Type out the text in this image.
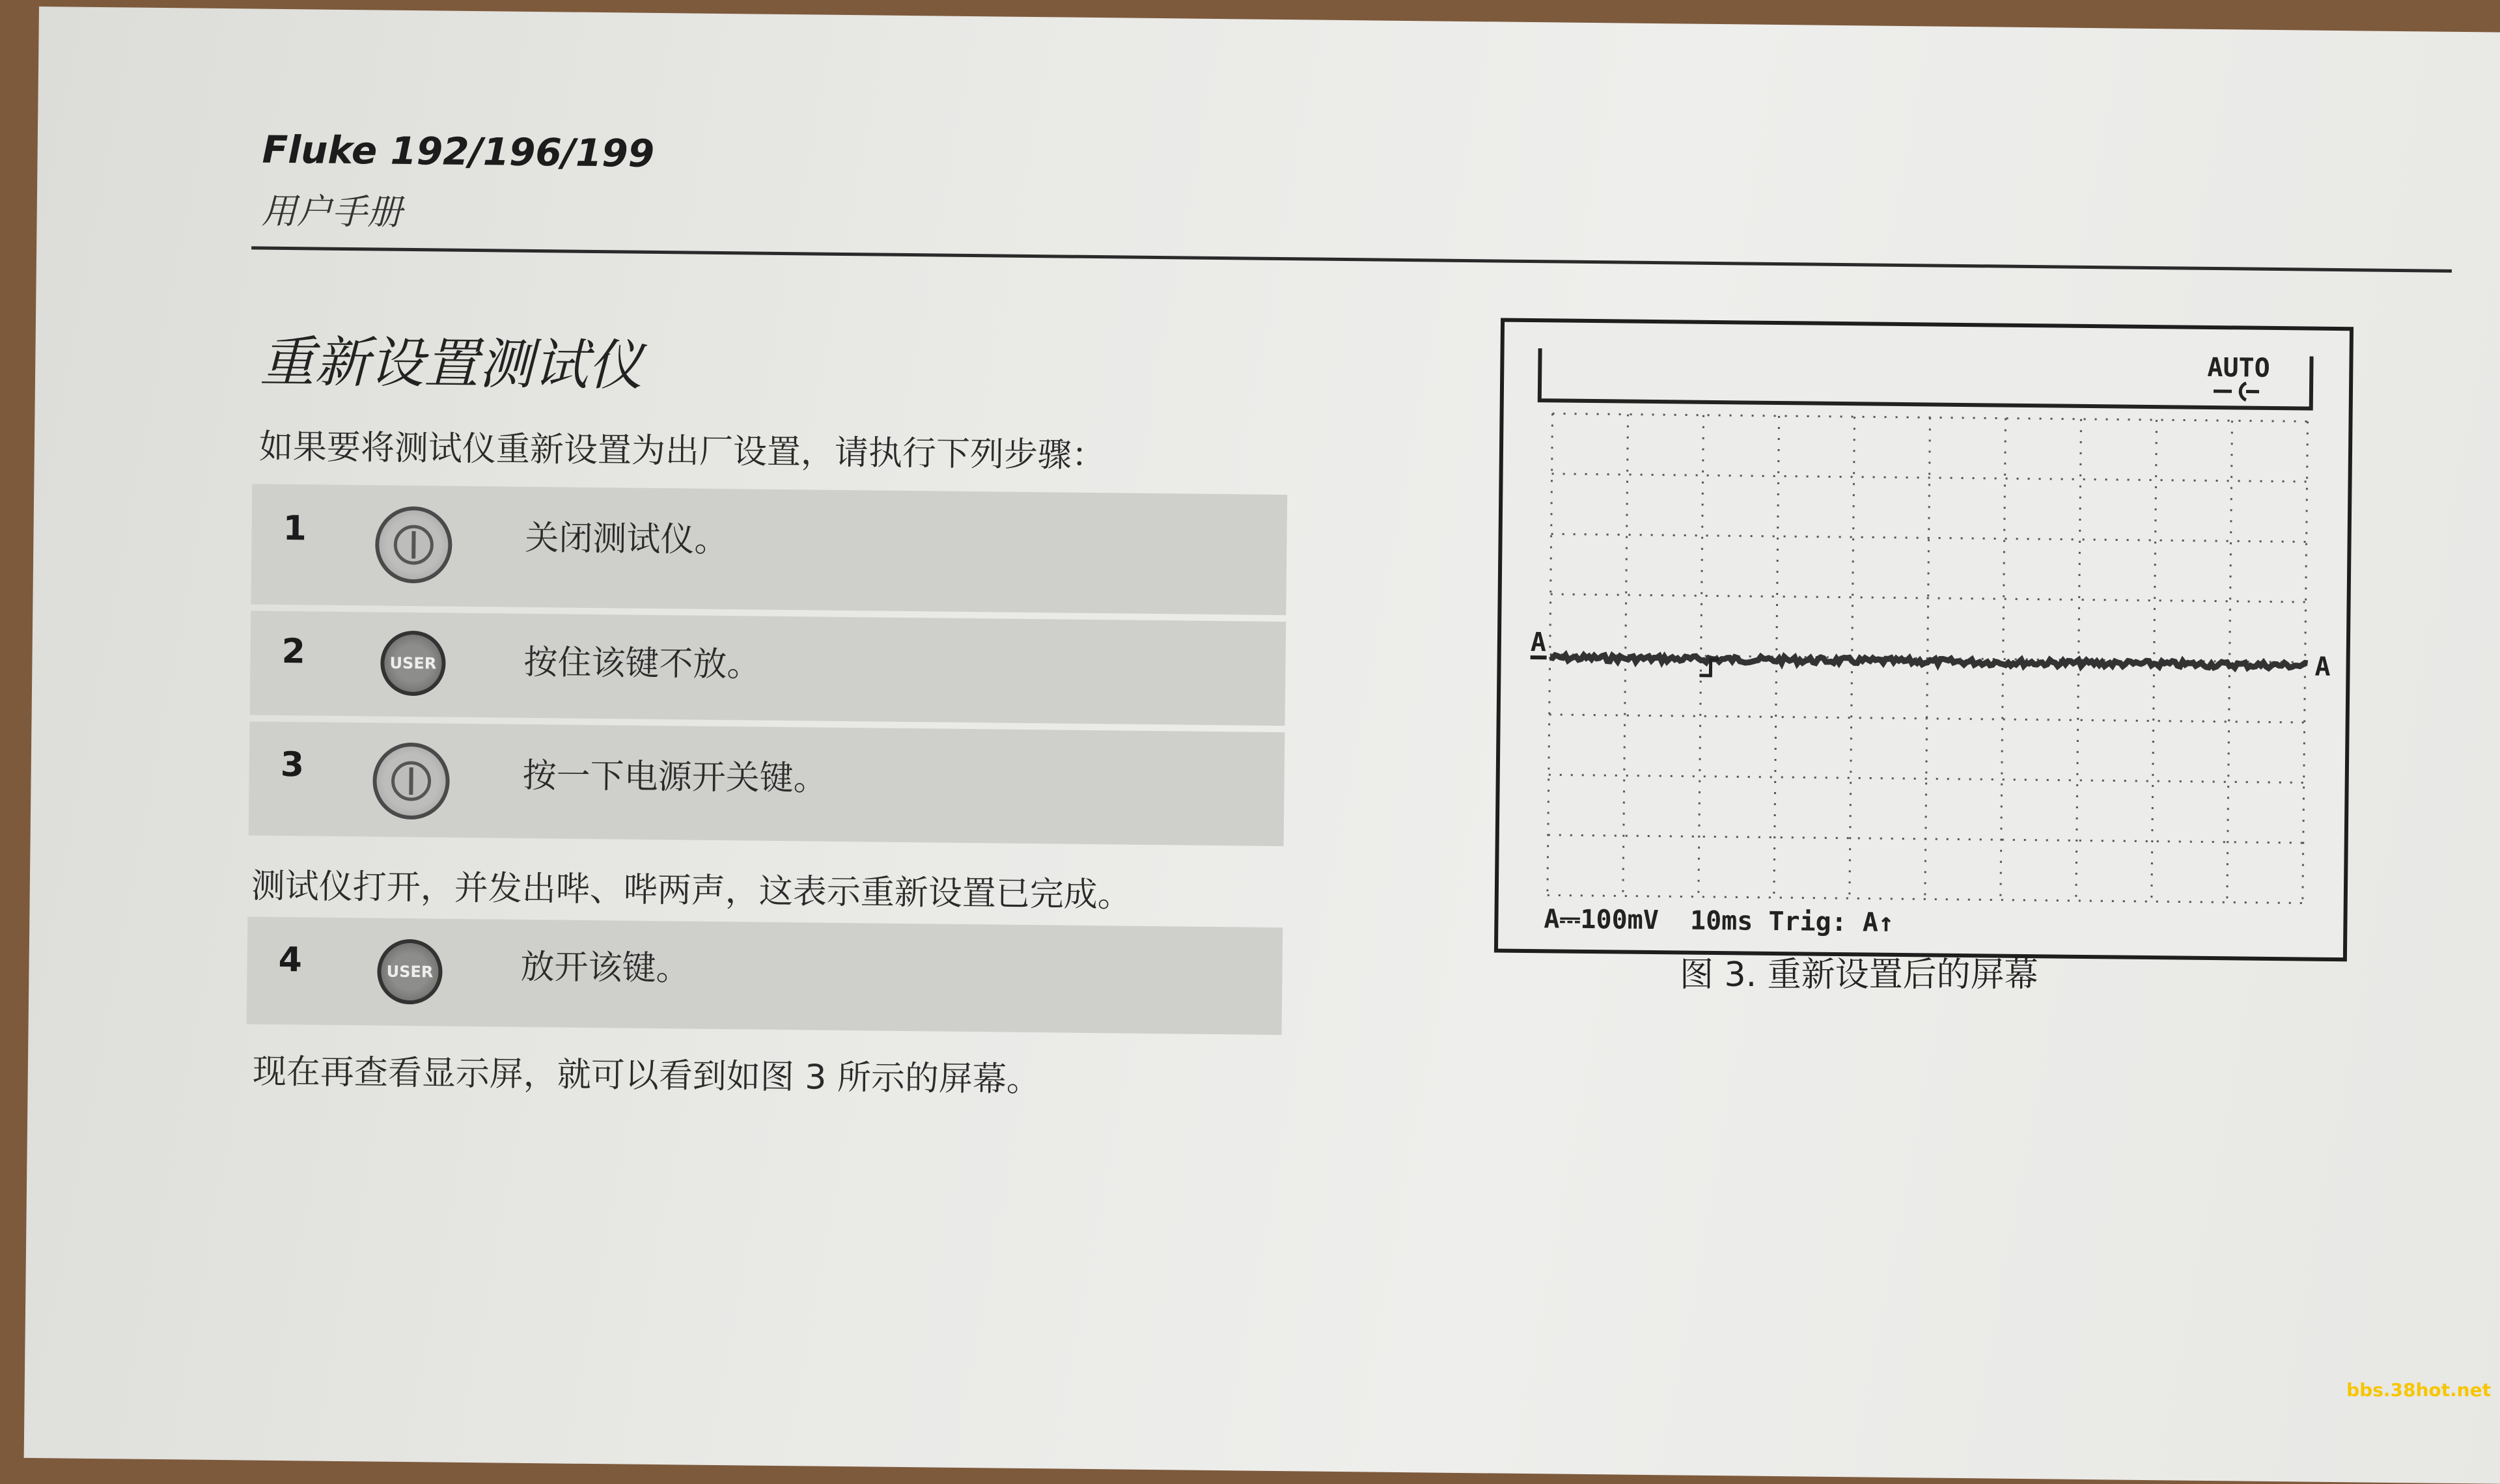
Fluke 192/196/199
用户手册
重新设置测试仪
如果要将测试仪重新设置为出厂设置，请执行下列步骤：
1	关闭测试仪。
2	USER	按住该键不放。
3	按一下电源开关键。
测试仪打开，并发出哔、哔两声，这表示重新设置已完成。
4	USER	放开该键。
现在再查看显示屏，就可以看到如图 3 所示的屏幕。
AUTO
A
A
A⎓100mV  10ms Trig: A↑
图 3. 重新设置后的屏幕
bbs.38hot.net
